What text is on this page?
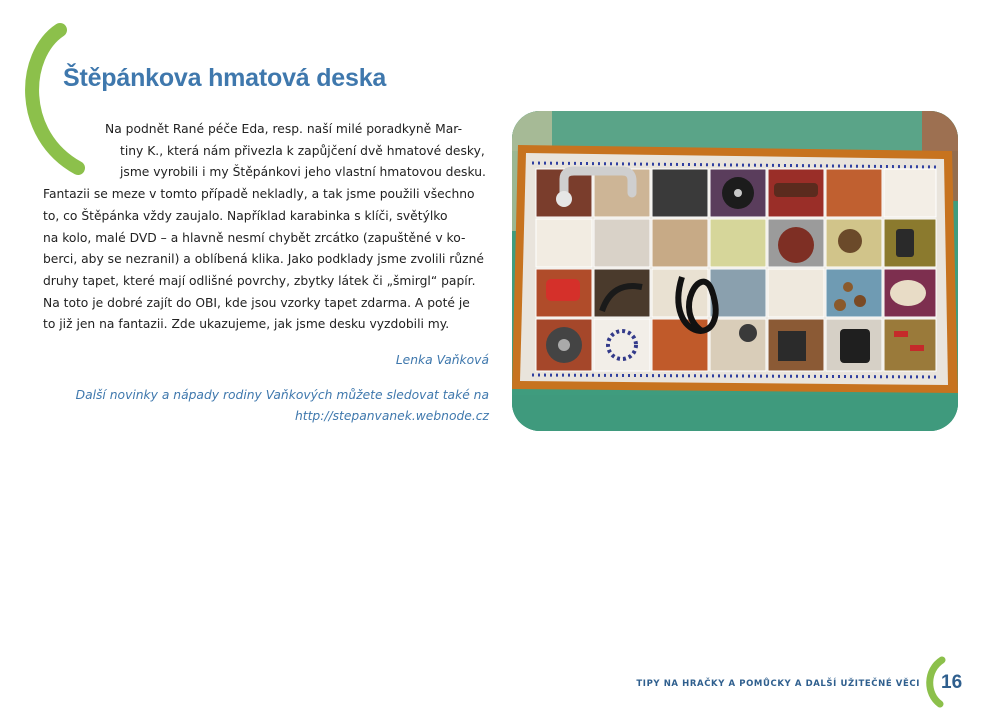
Štěpánkova hmatová deska

Na podnět Rané péče Eda, resp. naší milé poradkyně Mar-
tiny K., která nám přivezla k zapůjčení dvě hmatové desky,
jsme vyrobili i my Štěpánkovi jeho vlastní hmatovou desku.
Fantazii se meze v tomto případě nekladly, a tak jsme použili všechno
to, co Štěpánka vždy zaujalo. Například karabinka s klíči, světýlko
na kolo, malé DVD – a hlavně nesmí chybět zrcátko (zapuštěné v ko-
berci, aby se nezranil) a oblíbená klika. Jako podklady jsme zvolili různé
druhy tapet, které mají odlišné povrchy, zbytky látek či „šmirgl“ papír.
Na toto je dobré zajít do OBI, kde jsou vzorky tapet zdarma. A poté je
to již jen na fantazii. Zde ukazujeme, jak jsme desku vyzdobili my.

Lenka Vaňková
Další novinky a nápady rodiny Vaňkových můžete sledovat také na
http://stepanvanek.webnode.cz
TIPY NA HRAČKY A POMŮCKY A DALŠÍ UŽITEČNÉ VĚCI 16
